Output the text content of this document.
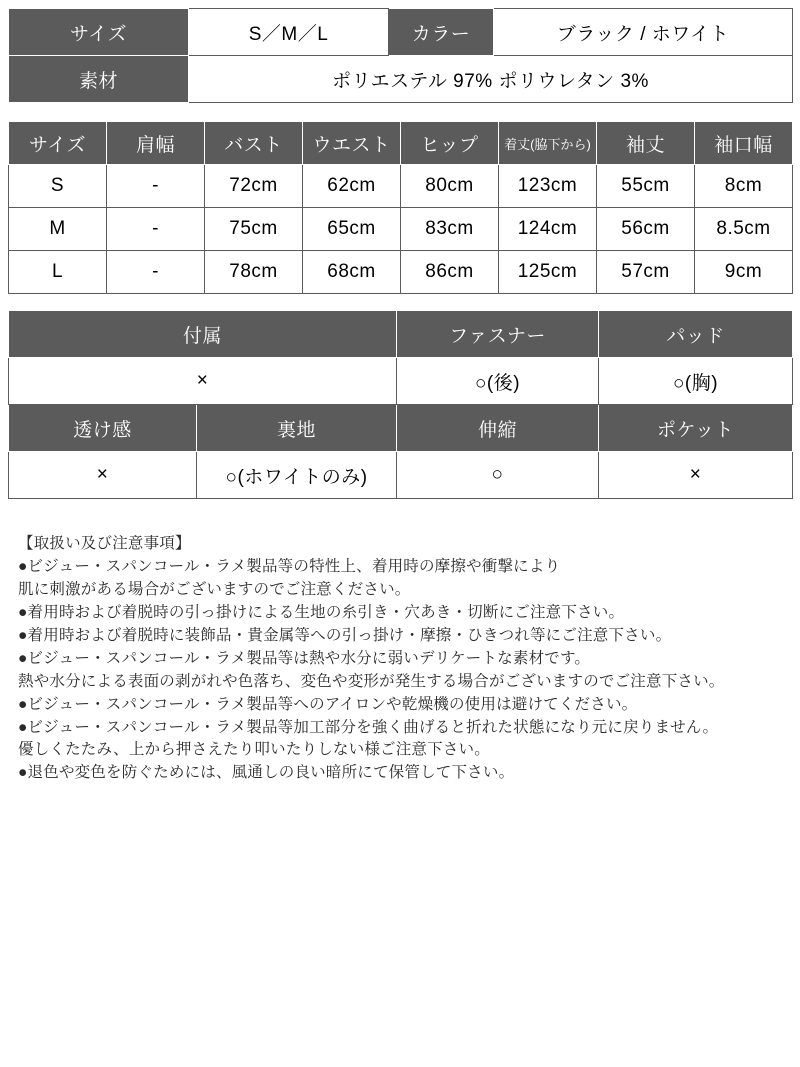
サイズ	S／M／L	カラー	ブラック / ホワイト
素材	ポリエステル 97% ポリウレタン 3%		
サイズ	肩幅	バスト	ウエスト	ヒップ	着丈(脇下から)	袖丈	袖口幅
S	-	72cm	62cm	80cm	123cm	55cm	8cm
M	-	75cm	65cm	83cm	124cm	56cm	8.5cm
L	-	78cm	68cm	86cm	125cm	57cm	9cm
付属		ファスナー	パッド
×		○(後)	○(胸)
透け感	裏地	伸縮	ポケット
×	○(ホワイトのみ)	○	×
【取扱い及び注意事項】
●ビジュー・スパンコール・ラメ製品等の特性上、着用時の摩擦や衝撃により
肌に刺激がある場合がございますのでご注意ください。
●着用時および着脱時の引っ掛けによる生地の糸引き・穴あき・切断にご注意下さい。
●着用時および着脱時に装飾品・貴金属等への引っ掛け・摩擦・ひきつれ等にご注意下さい。
●ビジュー・スパンコール・ラメ製品等は熱や水分に弱いデリケートな素材です。
熱や水分による表面の剥がれや色落ち、変色や変形が発生する場合がございますのでご注意下さい。
●ビジュー・スパンコール・ラメ製品等へのアイロンや乾燥機の使用は避けてください。
●ビジュー・スパンコール・ラメ製品等加工部分を強く曲げると折れた状態になり元に戻りません。
優しくたたみ、上から押さえたり叩いたりしない様ご注意下さい。
●退色や変色を防ぐためには、風通しの良い暗所にて保管して下さい。
